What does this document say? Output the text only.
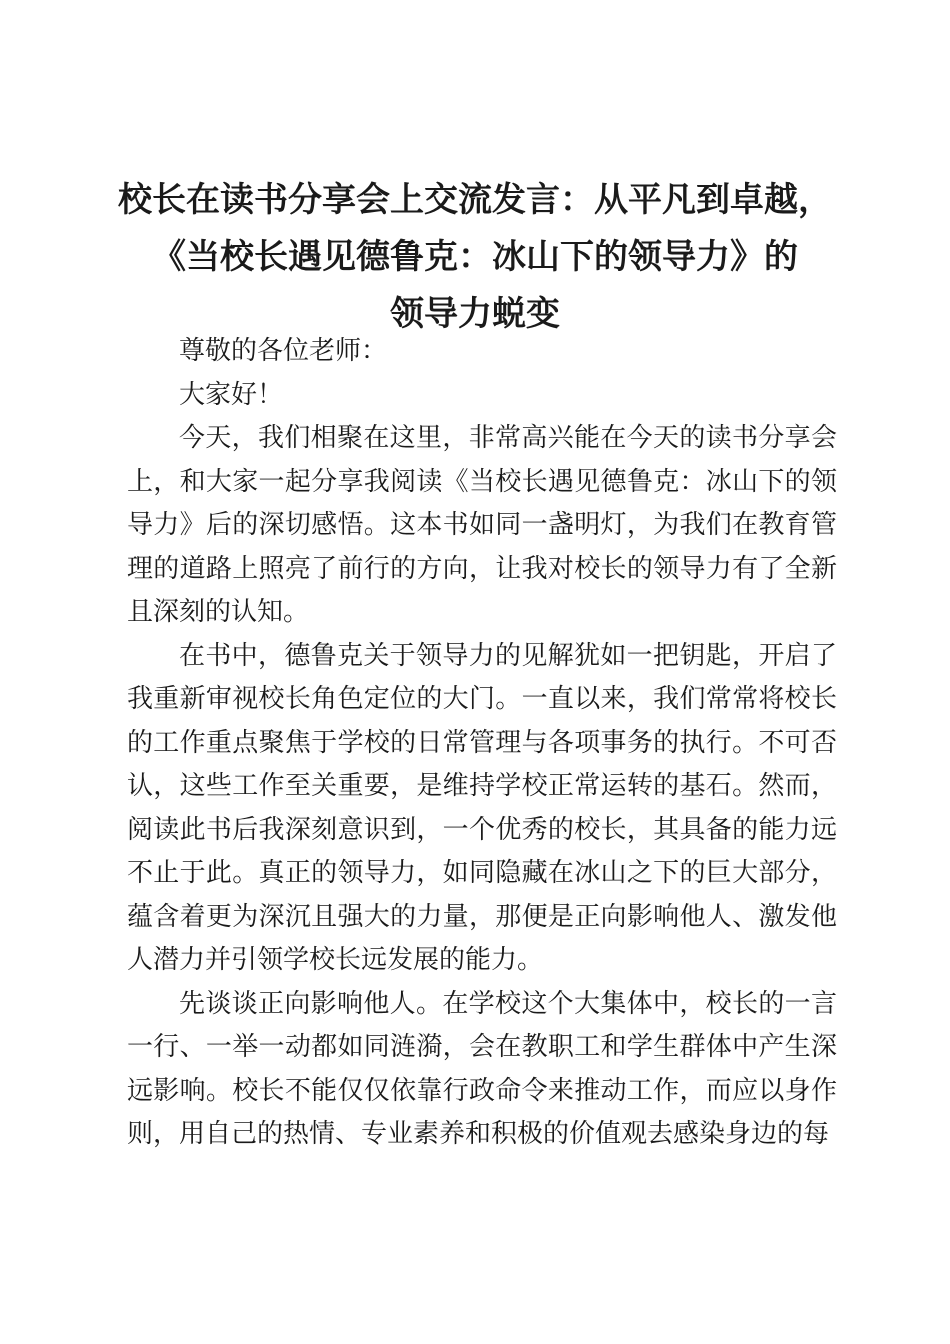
校长在读书分享会上交流发言：从平凡到卓越，
《当校长遇见德鲁克：冰山下的领导力》的
领导力蜕变

尊敬的各位老师：

大家好！

今天，我们相聚在这里，非常高兴能在今天的读书分享会上，和大家一起分享我阅读《当校长遇见德鲁克：冰山下的领导力》后的深切感悟。这本书如同一盏明灯，为我们在教育管理的道路上照亮了前行的方向，让我对校长的领导力有了全新且深刻的认知。

在书中，德鲁克关于领导力的见解犹如一把钥匙，开启了我重新审视校长角色定位的大门。一直以来，我们常常将校长的工作重点聚焦于学校的日常管理与各项事务的执行。不可否认，这些工作至关重要，是维持学校正常运转的基石。然而，阅读此书后我深刻意识到，一个优秀的校长，其具备的能力远不止于此。真正的领导力，如同隐藏在冰山之下的巨大部分，蕴含着更为深沉且强大的力量，那便是正向影响他人、激发他人潜力并引领学校长远发展的能力。

先谈谈正向影响他人。在学校这个大集体中，校长的一言一行、一举一动都如同涟漪，会在教职工和学生群体中产生深远影响。校长不能仅仅依靠行政命令来推动工作，而应以身作则，用自己的热情、专业素养和积极的价值观去感染身边的每
